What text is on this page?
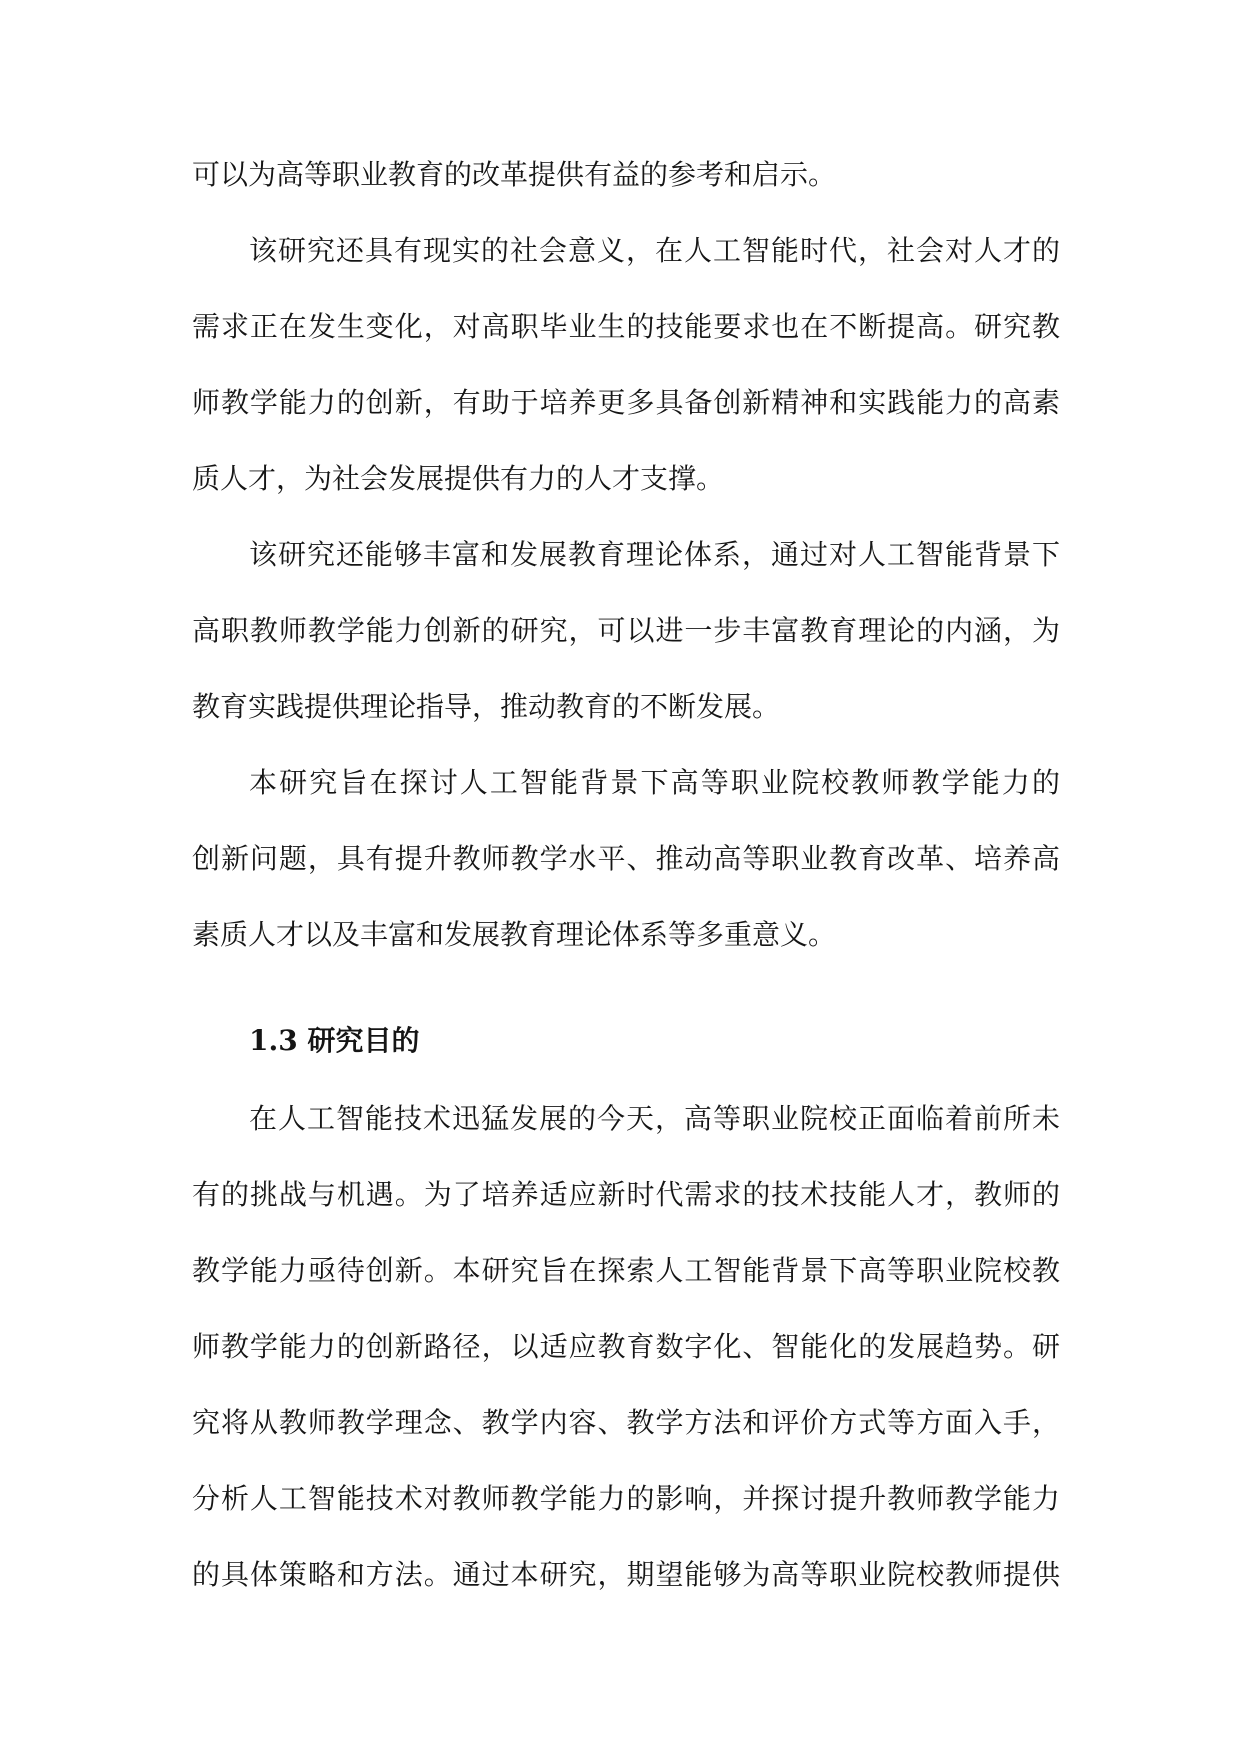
可以为高等职业教育的改革提供有益的参考和启示。
该研究还具有现实的社会意义，在人工智能时代，社会对人才的
需求正在发生变化，对高职毕业生的技能要求也在不断提高。研究教
师教学能力的创新，有助于培养更多具备创新精神和实践能力的高素
质人才，为社会发展提供有力的人才支撑。
该研究还能够丰富和发展教育理论体系，通过对人工智能背景下
高职教师教学能力创新的研究，可以进一步丰富教育理论的内涵，为
教育实践提供理论指导，推动教育的不断发展。
本研究旨在探讨人工智能背景下高等职业院校教师教学能力的
创新问题，具有提升教师教学水平、推动高等职业教育改革、培养高
素质人才以及丰富和发展教育理论体系等多重意义。
1.3 研究目的
在人工智能技术迅猛发展的今天，高等职业院校正面临着前所未
有的挑战与机遇。为了培养适应新时代需求的技术技能人才，教师的
教学能力亟待创新。本研究旨在探索人工智能背景下高等职业院校教
师教学能力的创新路径，以适应教育数字化、智能化的发展趋势。研
究将从教师教学理念、教学内容、教学方法和评价方式等方面入手，
分析人工智能技术对教师教学能力的影响，并探讨提升教师教学能力
的具体策略和方法。通过本研究，期望能够为高等职业院校教师提供
